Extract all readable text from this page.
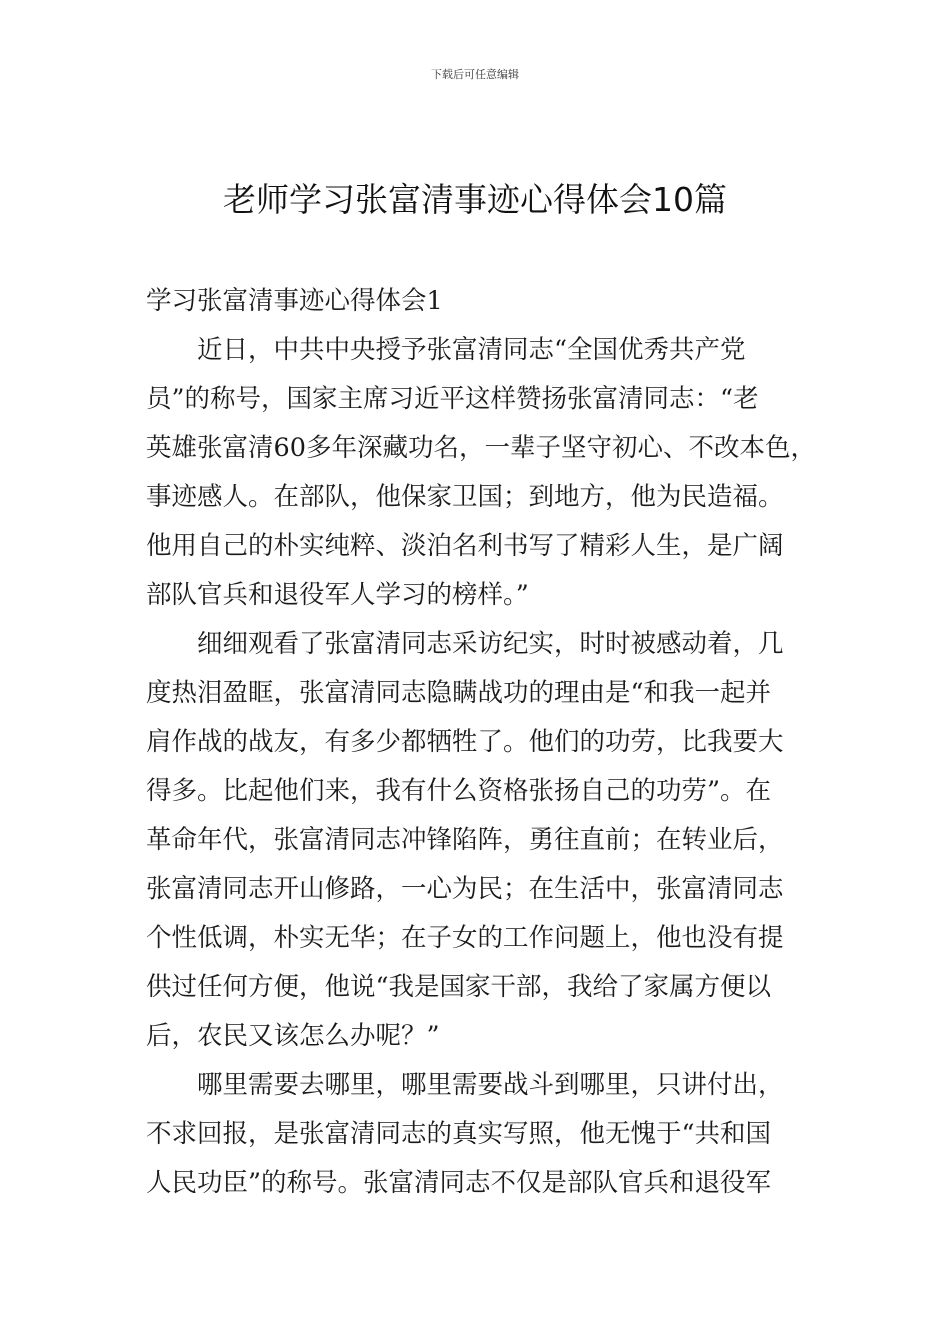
下载后可任意编辑
老师学习张富清事迹心得体会10篇

学习张富清事迹心得体会1

近日，中共中央授予张富清同志“全国优秀共产党
员”的称号，国家主席习近平这样赞扬张富清同志：“老
英雄张富清60多年深藏功名，一辈子坚守初心、不改本色，
事迹感人。在部队，他保家卫国；到地方，他为民造福。
他用自己的朴实纯粹、淡泊名利书写了精彩人生，是广阔
部队官兵和退役军人学习的榜样。”

细细观看了张富清同志采访纪实，时时被感动着，几
度热泪盈眶，张富清同志隐瞒战功的理由是“和我一起并
肩作战的战友，有多少都牺牲了。他们的功劳，比我要大
得多。比起他们来，我有什么资格张扬自己的功劳”。在
革命年代，张富清同志冲锋陷阵，勇往直前；在转业后，
张富清同志开山修路，一心为民；在生活中，张富清同志
个性低调，朴实无华；在子女的工作问题上，他也没有提
供过任何方便，他说“我是国家干部，我给了家属方便以
后，农民又该怎么办呢？”

哪里需要去哪里，哪里需要战斗到哪里，只讲付出，
不求回报，是张富清同志的真实写照，他无愧于“共和国
人民功臣”的称号。张富清同志不仅是部队官兵和退役军
